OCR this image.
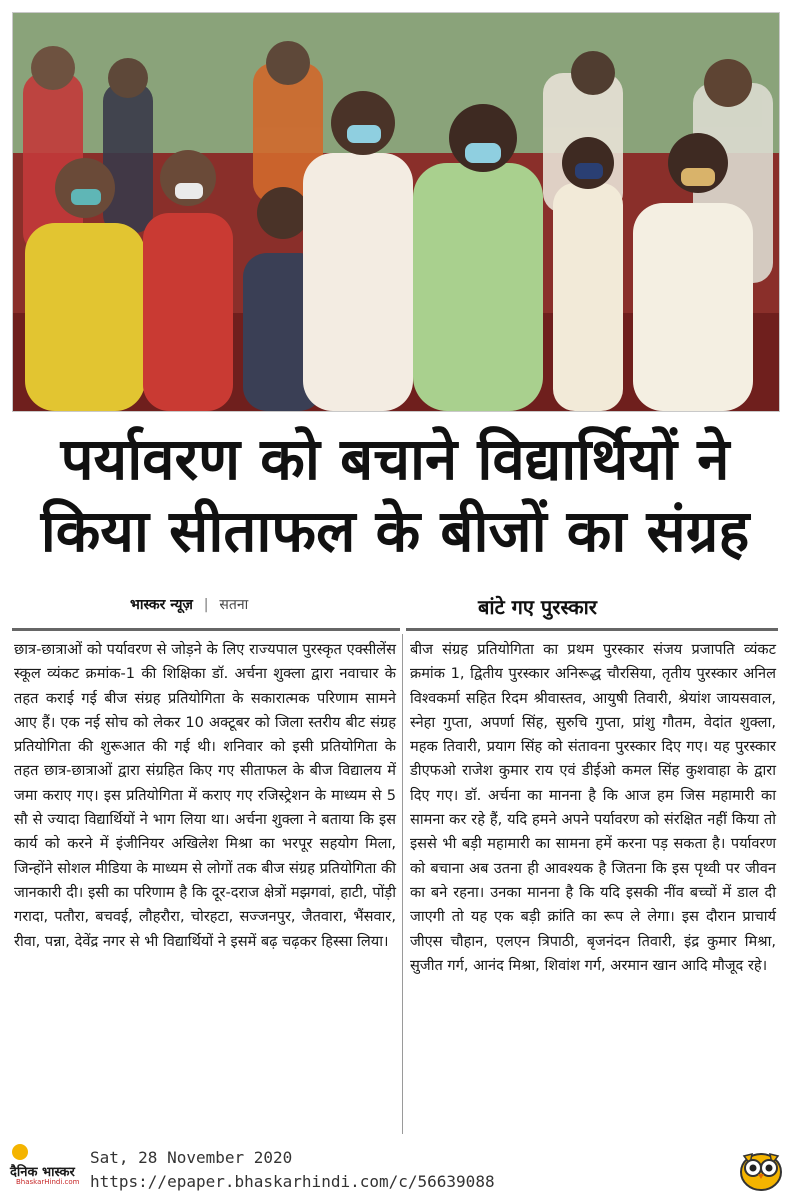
पर्यावरण को बचाने विद्यार्थियों ने
किया सीताफल के बीजों का संग्रह
भास्कर न्यूज़ | सतना	बांटे गए पुरस्कार
छात्र-छात्राओं को पर्यावरण से जोड़ने के लिए राज्यपाल पुरस्कृत एक्सीलेंस स्कूल व्यंकट क्रमांक-1 की शिक्षिका डॉ. अर्चना शुक्ला द्वारा नवाचार के तहत कराई गई बीज संग्रह प्रतियोगिता के सकारात्मक परिणाम सामने आए हैं। एक नई सोच को लेकर 10 अक्टूबर को जिला स्तरीय बीट संग्रह प्रतियोगिता की शुरूआत की गई थी। शनिवार को इसी प्रतियोगिता के तहत छात्र-छात्राओं द्वारा संग्रहित किए गए सीताफल के बीज विद्यालय में जमा कराए गए। इस प्रतियोगिता में कराए गए रजिस्ट्रेशन के माध्यम से 5 सौ से ज्यादा विद्यार्थियों ने भाग लिया था। अर्चना शुक्ला ने बताया कि इस कार्य को करने में इंजीनियर अखिलेश मिश्रा का भरपूर सहयोग मिला, जिन्होंने सोशल मीडिया के माध्यम से लोगों तक बीज संग्रह प्रतियोगिता की जानकारी दी। इसी का परिणाम है कि दूर-दराज क्षेत्रों मझगवां, हाटी, पोंड़ी गरादा, पतौरा, बचवई, लौहरौरा, चोरहटा, सज्जनपुर, जैतवारा, भैंसवार, रीवा, पन्ना, देवेंद्र नगर से भी विद्यार्थियों ने इसमें बढ़ चढ़कर हिस्सा लिया।
बीज संग्रह प्रतियोगिता का प्रथम पुरस्कार संजय प्रजापति व्यंकट क्रमांक 1, द्वितीय पुरस्कार अनिरूद्ध चौरसिया, तृतीय पुरस्कार अनिल विश्वकर्मा सहित रिदम श्रीवास्तव, आयुषी तिवारी, श्रेयांश जायसवाल, स्नेहा गुप्ता, अपर्णा सिंह, सुरुचि गुप्ता, प्रांशु गौतम, वेदांत शुक्ला, महक तिवारी, प्रयाग सिंह को संतावना पुरस्कार दिए गए। यह पुरस्कार डीएफओ राजेश कुमार राय एवं डीईओ कमल सिंह कुशवाहा के द्वारा दिए गए। डॉ. अर्चना का मानना है कि आज हम जिस महामारी का सामना कर रहे हैं, यदि हमने अपने पर्यावरण को संरक्षित नहीं किया तो इससे भी बड़ी महामारी का सामना हमें करना पड़ सकता है। पर्यावरण को बचाना अब उतना ही आवश्यक है जितना कि इस पृथ्वी पर जीवन का बने रहना। उनका मानना है कि यदि इसकी नींव बच्चों में डाल दी जाएगी तो यह एक बड़ी क्रांति का रूप ले लेगा। इस दौरान प्राचार्य जीएस चौहान, एलएन त्रिपाठी, बृजनंदन तिवारी, इंद्र कुमार मिश्रा, सुजीत गर्ग, आनंद मिश्रा, शिवांश गर्ग, अरमान खान आदि मौजूद रहे।
दैनिक भास्कर
BhaskarHindi.com
Sat, 28 November 2020
https://epaper.bhaskarhindi.com/c/56639088
